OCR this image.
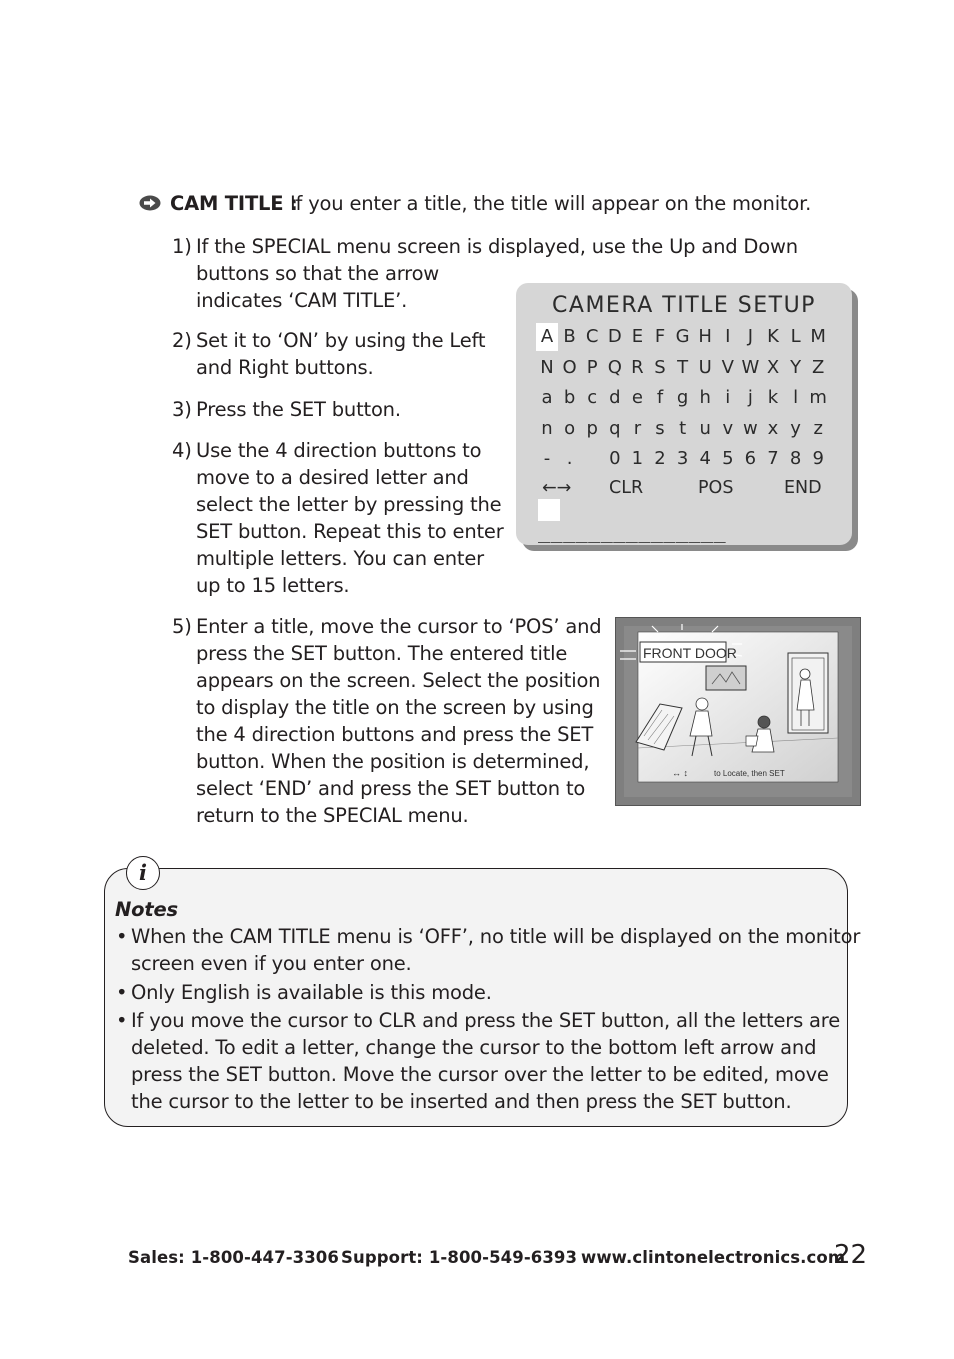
CAM TITLE :
If you enter a title, the title will appear on the monitor.
1) If the SPECIAL menu screen is displayed, use the Up and Down
buttons so that the arrow
indicates ‘CAM TITLE’.
2) Set it to ‘ON’ by using the Left
and Right buttons.
3) Press the SET button.
4) Use the 4 direction buttons to
move to a desired letter and
select the letter by pressing the
SET button. Repeat this to enter
multiple letters. You can enter
up to 15 letters.
5) Enter a title, move the cursor to ‘POS’ and
press the SET button. The entered title
appears on the screen. Select the position
to display the title on the screen by using
the 4 direction buttons and press the SET
button. When the position is determined,
select ‘END’ and press the SET button to
return to the SPECIAL menu.
CAMERA TITLE SETUP
A B C D E F G H I J K L M
N O P Q R S T U V W X Y Z
a b c d e f g h i j k l m
n o p q r s t u v w x y z
- .	0 1 2 3 4 5 6 7 8 9
←→ CLR	POS	END
_______________
FRONT DOOR
↔ ↕	to Locate, then SET
i
Notes
• When the CAM TITLE menu is ‘OFF’, no title will be displayed on the monitor
screen even if you enter one.
• Only English is available is this mode.
• If you move the cursor to CLR and press the SET button, all the letters are
deleted. To edit a letter, change the cursor to the bottom left arrow and
press the SET button. Move the cursor over the letter to be edited, move
the cursor to the letter to be inserted and then press the SET button.
Sales: 1-800-447-3306 Support: 1-800-549-6393 www.clintonelectronics.com
22
